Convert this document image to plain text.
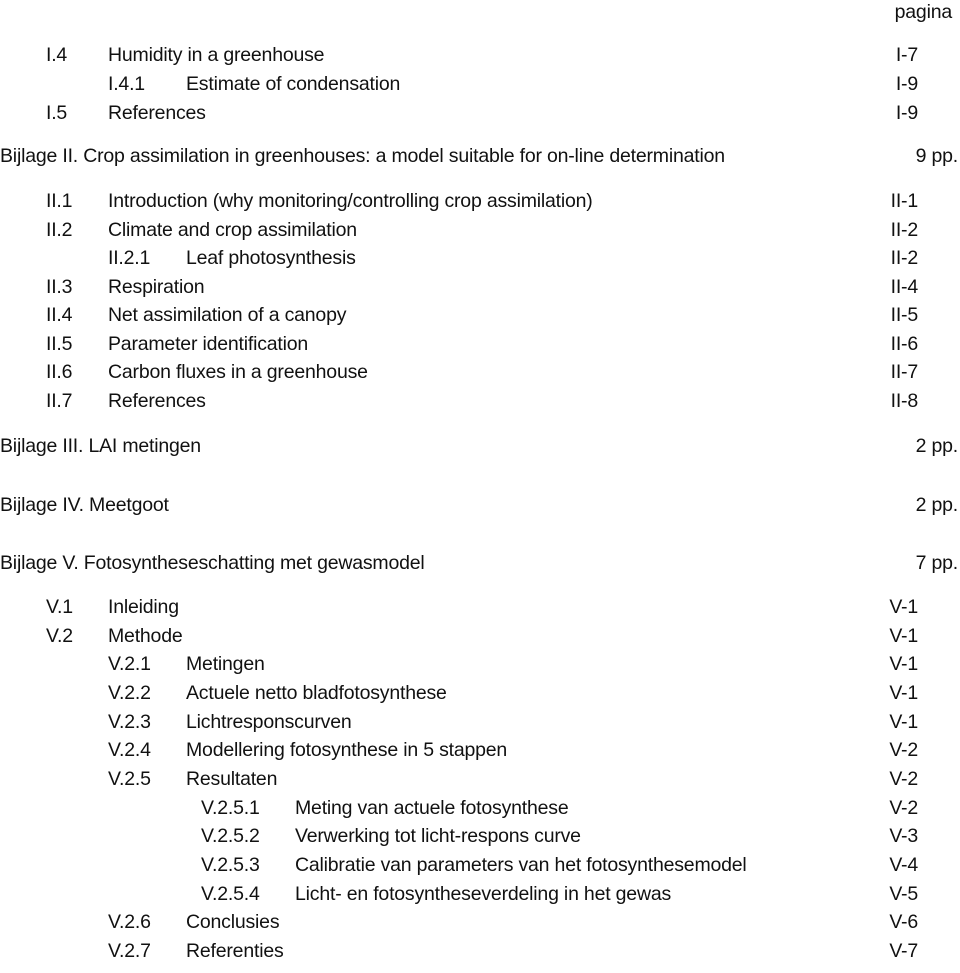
pagina
I.4 Humidity in a greenhouse	I-7
I.4.1 Estimate of condensation	I-9
I.5 References	I-9
Bijlage II. Crop assimilation in greenhouses: a model suitable for on-line determination	9 pp.
II.1 Introduction (why monitoring/controlling crop assimilation)	II-1
II.2 Climate and crop assimilation	II-2
II.2.1 Leaf photosynthesis	II-2
II.3 Respiration	II-4
II.4 Net assimilation of a canopy	II-5
II.5 Parameter identification	II-6
II.6 Carbon fluxes in a greenhouse	II-7
II.7 References	II-8
Bijlage III. LAI metingen	2 pp.
Bijlage IV. Meetgoot	2 pp.
Bijlage V. Fotosyntheseschatting met gewasmodel	7 pp.
V.1 Inleiding	V-1
V.2 Methode	V-1
V.2.1 Metingen	V-1
V.2.2 Actuele netto bladfotosynthese	V-1
V.2.3 Lichtresponscurven	V-1
V.2.4 Modellering fotosynthese in 5 stappen	V-2
V.2.5 Resultaten	V-2
V.2.5.1 Meting van actuele fotosynthese	V-2
V.2.5.2 Verwerking tot licht-respons curve	V-3
V.2.5.3 Calibratie van parameters van het fotosynthesemodel	V-4
V.2.5.4 Licht- en fotosyntheseverdeling in het gewas	V-5
V.2.6 Conclusies	V-6
V.2.7 Referenties	V-7
